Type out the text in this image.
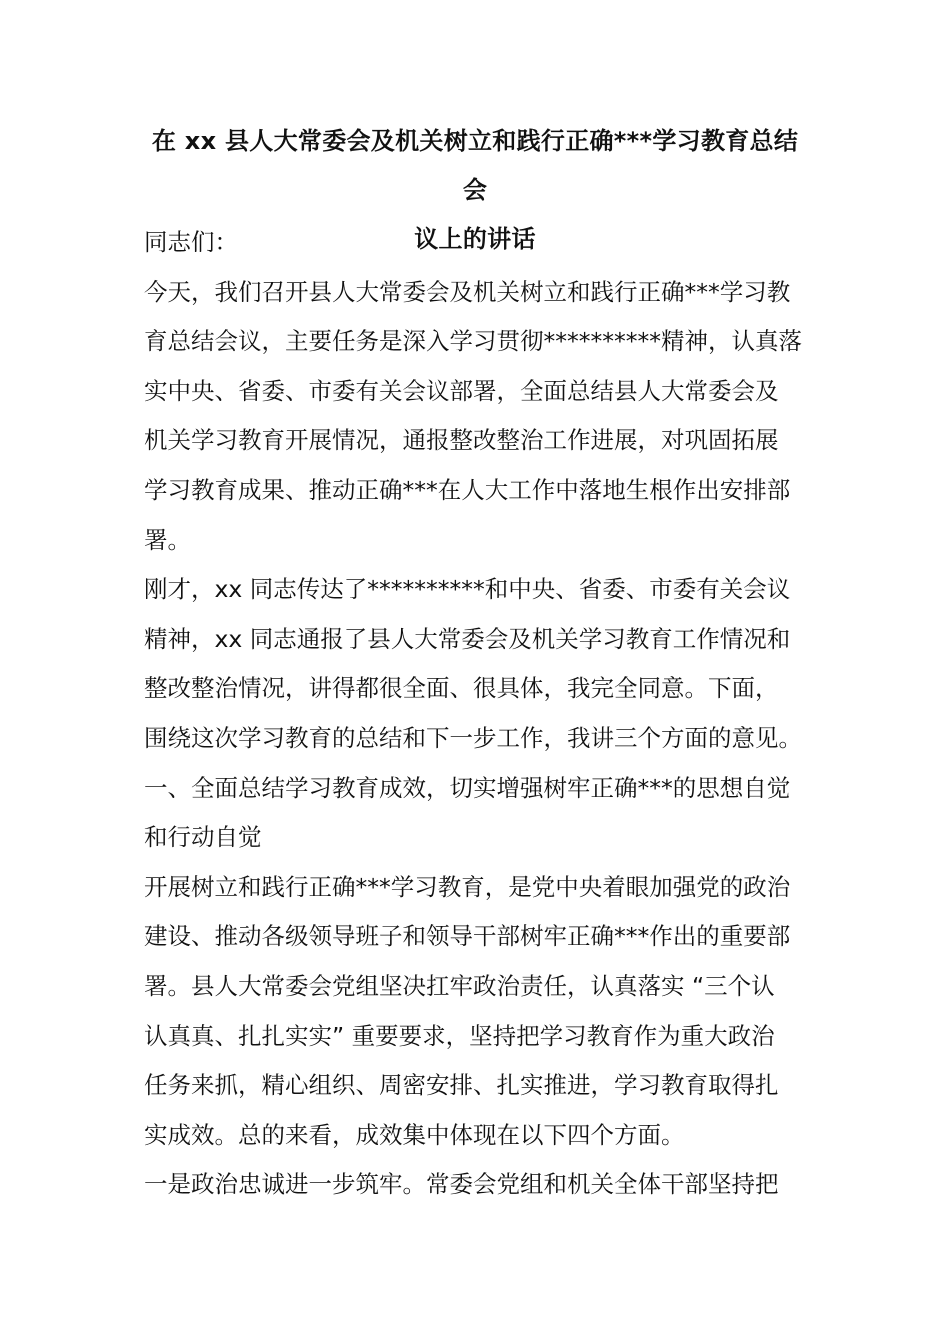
在 xx 县人大常委会及机关树立和践行正确***学习教育总结会
议上的讲话
同志们：
今天，我们召开县人大常委会及机关树立和践行正确***学习教
育总结会议，主要任务是深入学习贯彻**********精神，认真落
实中央、省委、市委有关会议部署，全面总结县人大常委会及
机关学习教育开展情况，通报整改整治工作进展，对巩固拓展
学习教育成果、推动正确***在人大工作中落地生根作出安排部
署。
刚才，xx 同志传达了**********和中央、省委、市委有关会议
精神，xx 同志通报了县人大常委会及机关学习教育工作情况和
整改整治情况，讲得都很全面、很具体，我完全同意。下面，
围绕这次学习教育的总结和下一步工作，我讲三个方面的意见。
一、全面总结学习教育成效，切实增强树牢正确***的思想自觉
和行动自觉
开展树立和践行正确***学习教育，是党中央着眼加强党的政治
建设、推动各级领导班子和领导干部树牢正确***作出的重要部
署。县人大常委会党组坚决扛牢政治责任，认真落实 “三个认
认真真、扎扎实实” 重要要求，坚持把学习教育作为重大政治
任务来抓，精心组织、周密安排、扎实推进，学习教育取得扎
实成效。总的来看，成效集中体现在以下四个方面。
一是政治忠诚进一步筑牢。常委会党组和机关全体干部坚持把
